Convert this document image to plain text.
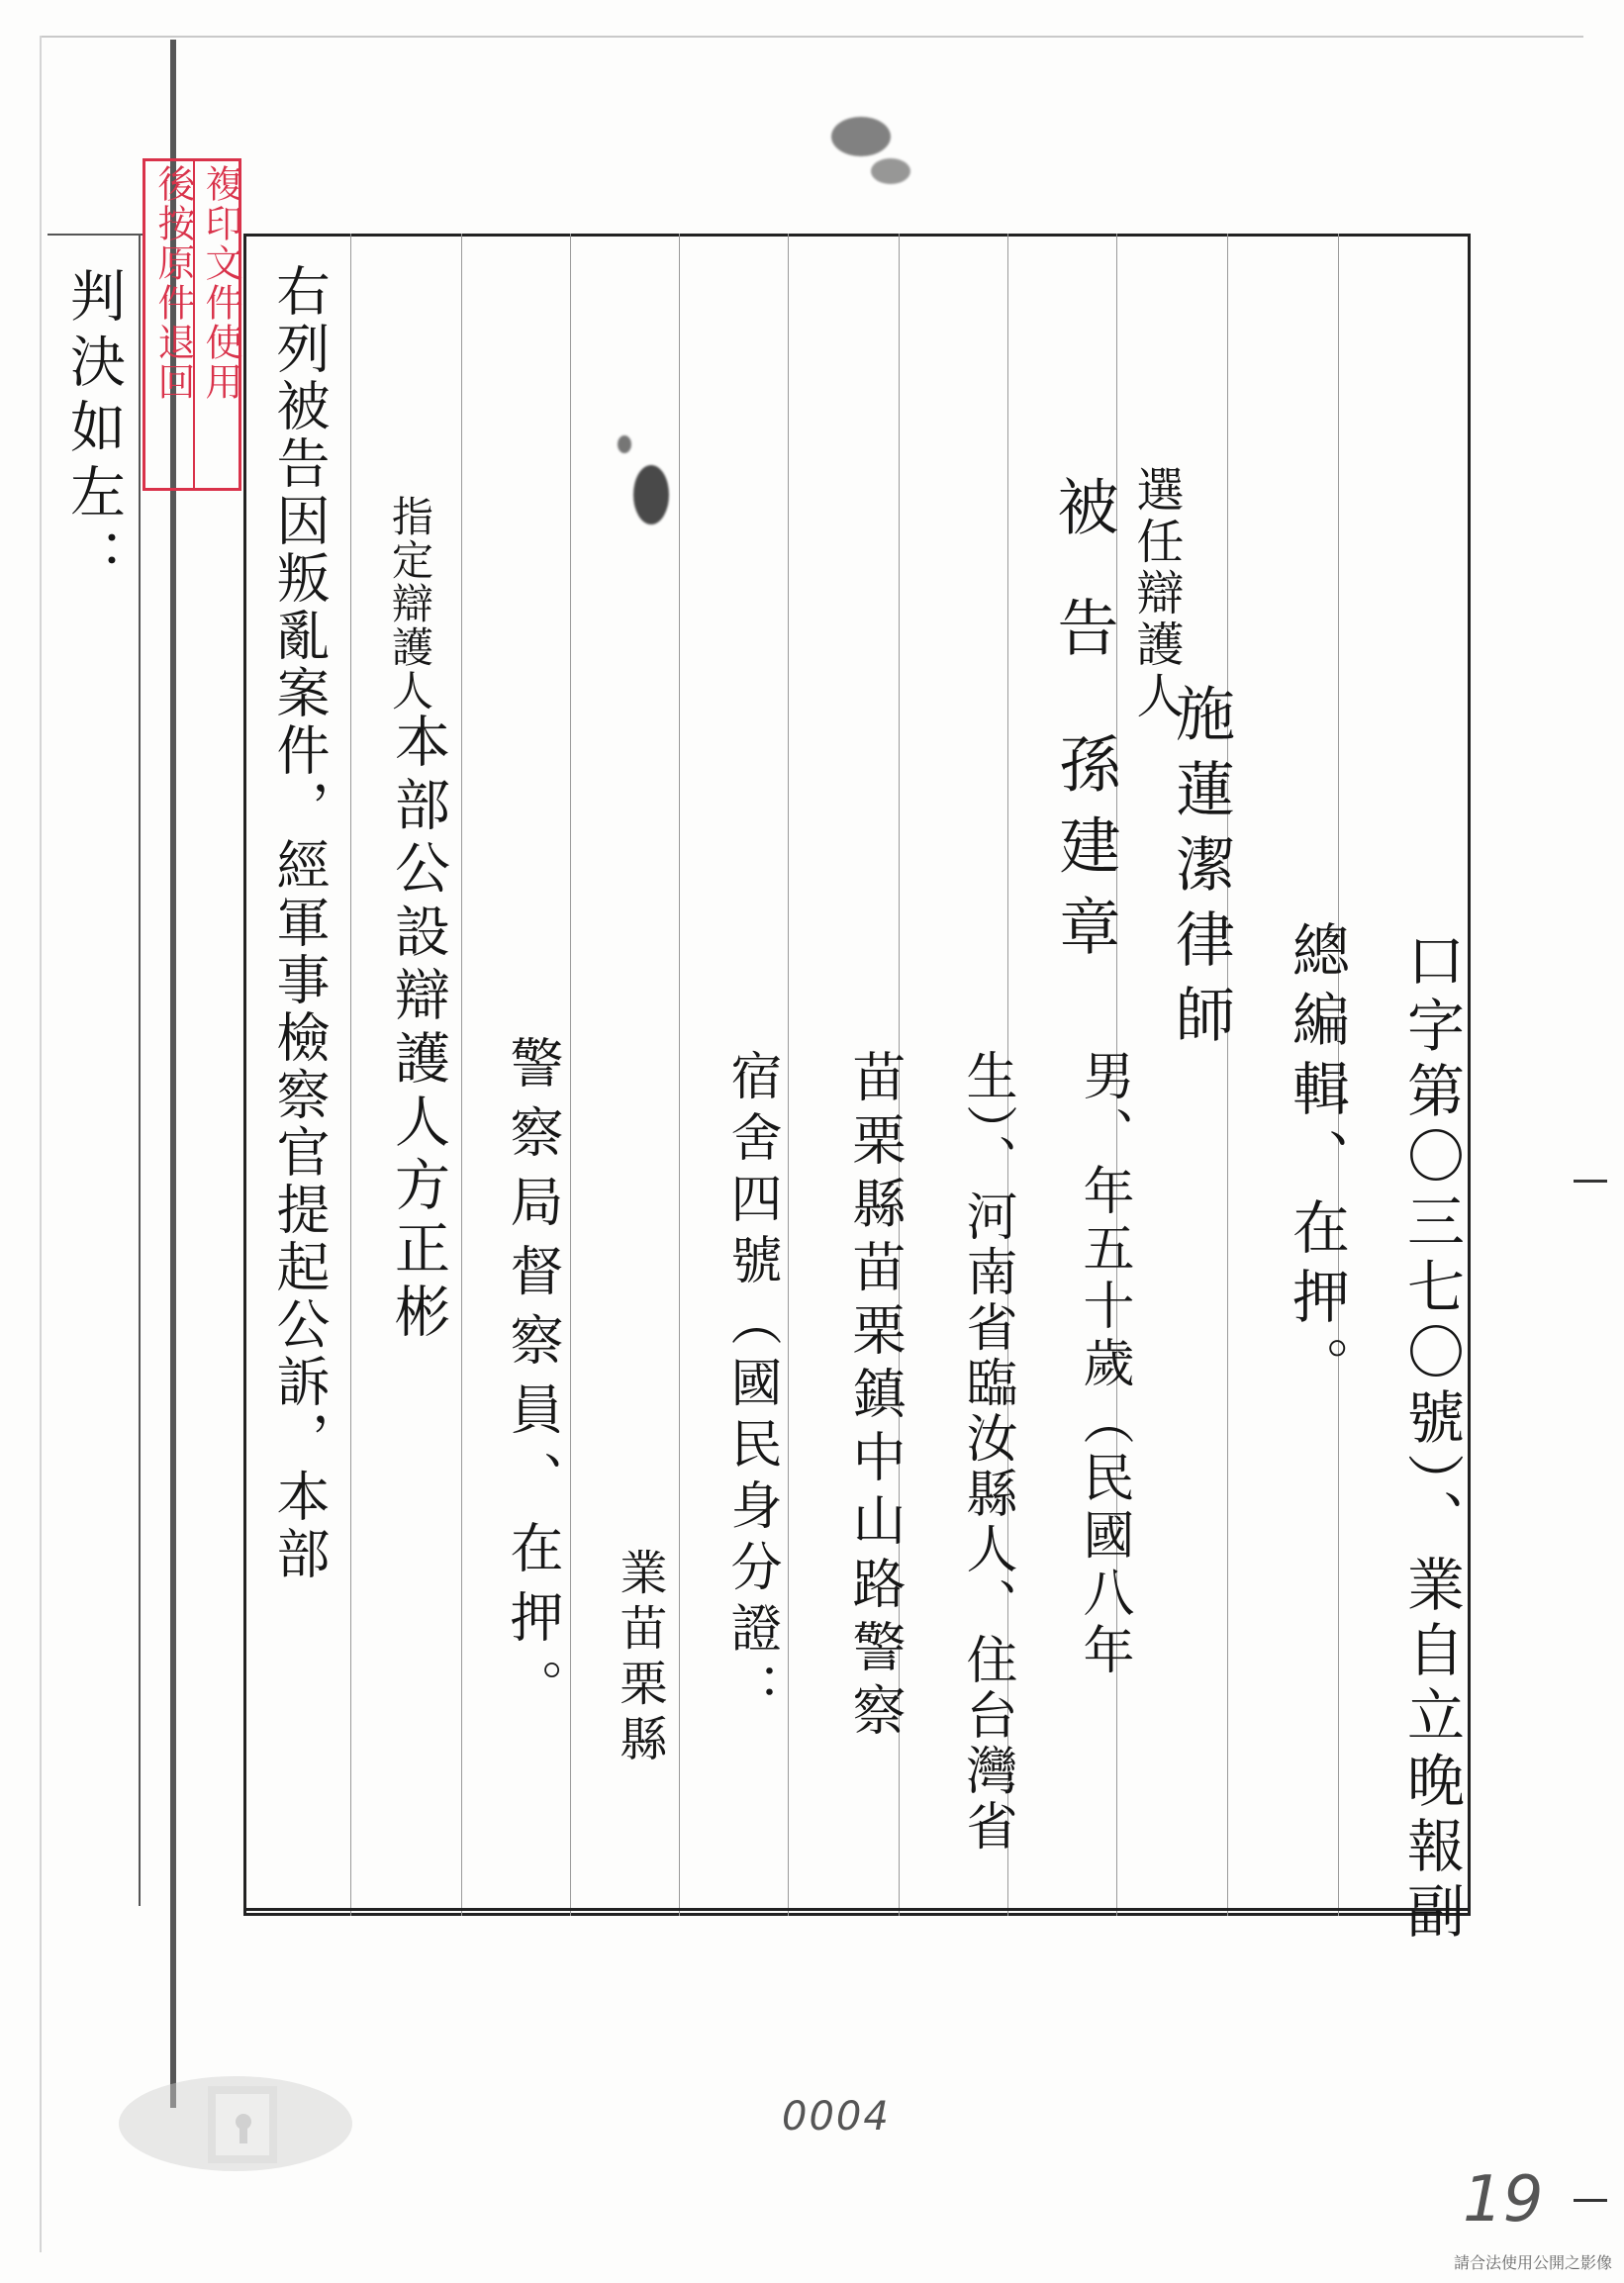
複印文件使用
後按原件退回
判決如左：
口字第〇三七〇號）、業自立晚報副
總編輯、在押。
施蓮潔律師
選任辯護人
被告
孫建章
男、年五十歲（民國八年
生）、河南省臨汝縣人、住台灣省
苗栗縣苗栗鎮中山路警察
宿舍四號（國民身分證：
業苗栗縣
警察局督察員、在押。
指定辯護人
本部公設辯護人方正彬
右列被告因叛亂案件，經軍事檢察官提起公訴，本部
0004
19
請合法使用公開之影像
